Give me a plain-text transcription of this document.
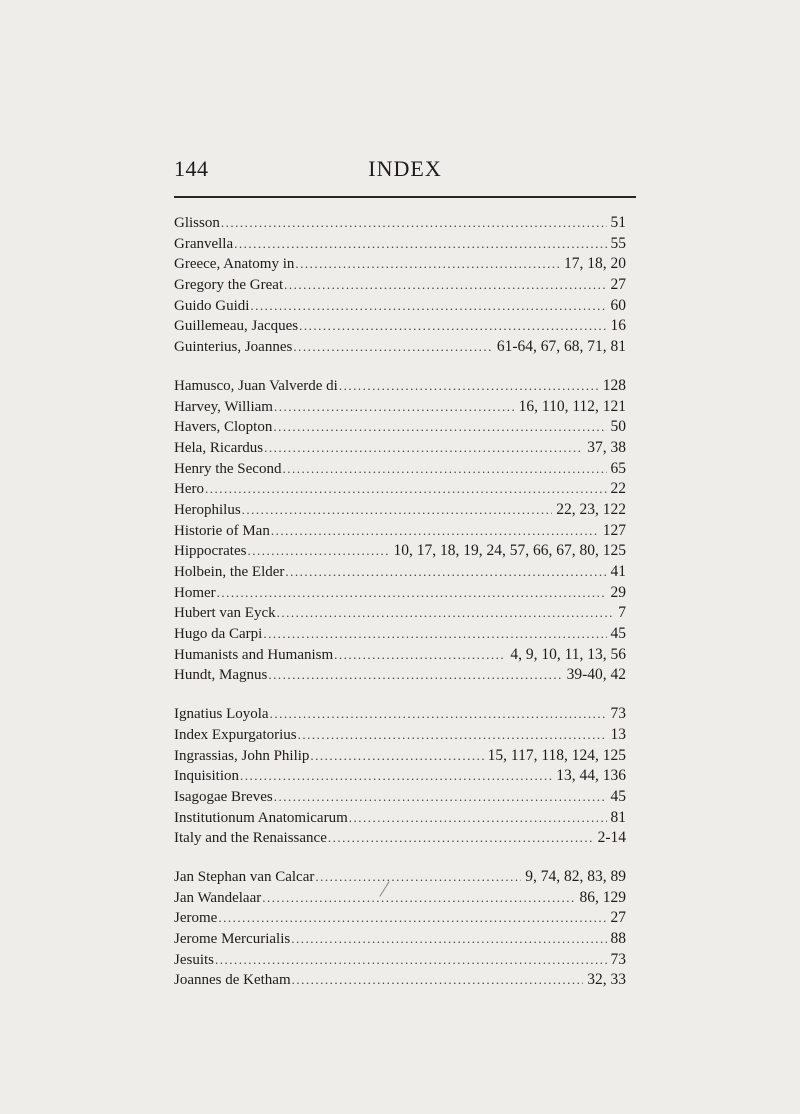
144	INDEX
Glisson .....	51
Granvella .....	55
Greece, Anatomy in .....	17, 18, 20
Gregory the Great .....	27
Guido Guidi .....	60
Guillemeau, Jacques .....	16
Guinterius, Joannes .....	61-64, 67, 68, 71, 81
Hamusco, Juan Valverde di .....	128
Harvey, William .....	16, 110, 112, 121
Havers, Clopton .....	50
Hela, Ricardus .....	37, 38
Henry the Second .....	65
Hero .....	22
Herophilus .....	22, 23, 122
Historie of Man .....	127
Hippocrates .....	10, 17, 18, 19, 24, 57, 66, 67, 80, 125
Holbein, the Elder .....	41
Homer .....	29
Hubert van Eyck .....	7
Hugo da Carpi .....	45
Humanists and Humanism .....	4, 9, 10, 11, 13, 56
Hundt, Magnus .....	39-40, 42
Ignatius Loyola .....	73
Index Expurgatorius .....	13
Ingrassias, John Philip .....	15, 117, 118, 124, 125
Inquisition .....	13, 44, 136
Isagogae Breves .....	45
Institutionum Anatomicarum .....	81
Italy and the Renaissance .....	2-14
Jan Stephan van Calcar .....	9, 74, 82, 83, 89
Jan Wandelaar .....	86, 129
Jerome .....	27
Jerome Mercurialis .....	88
Jesuits .....	73
Joannes de Ketham .....	32, 33
